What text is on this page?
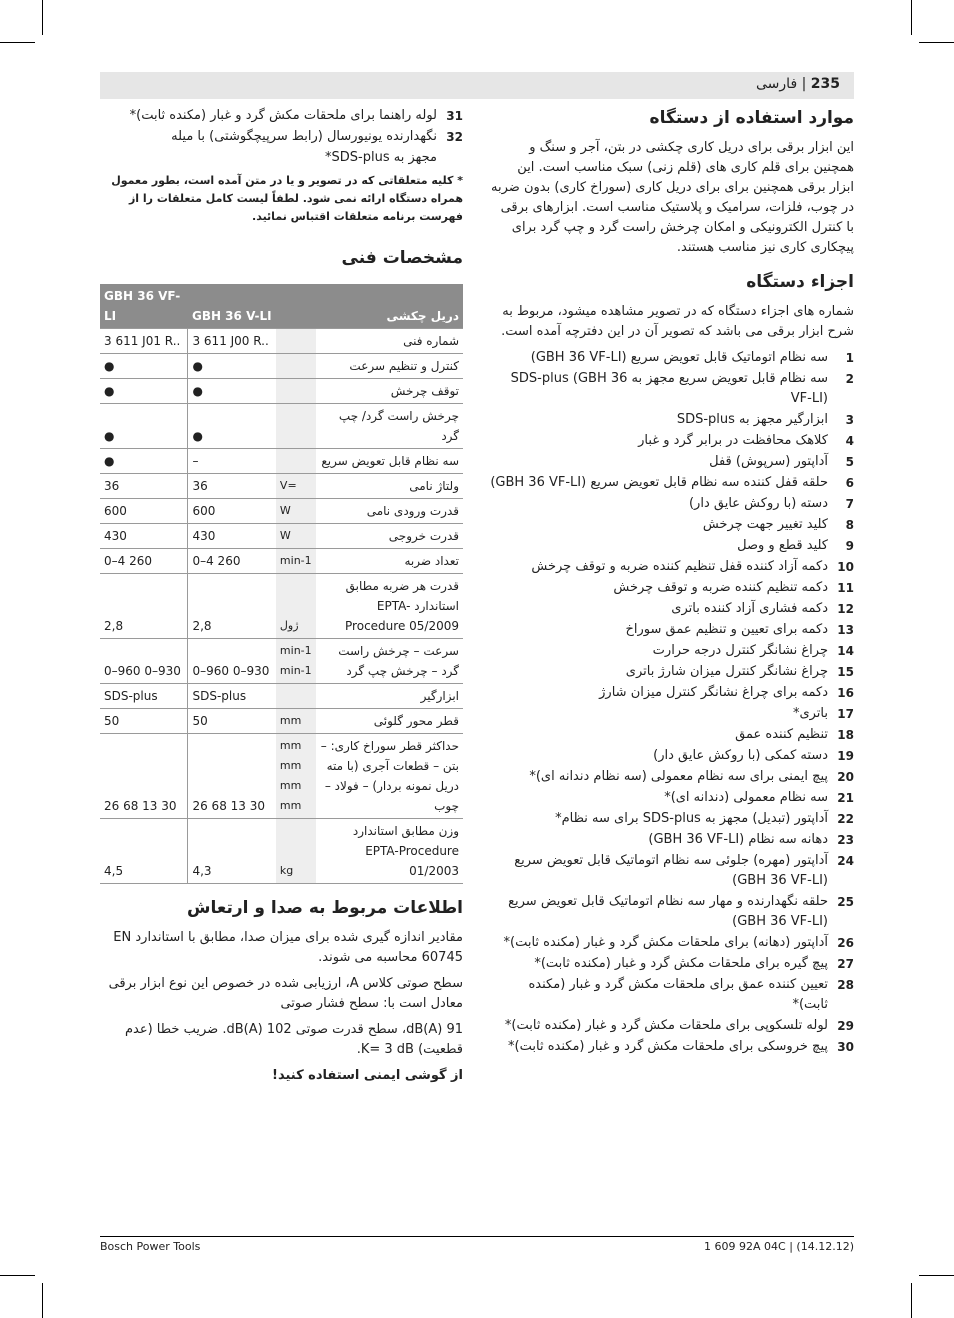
235 | فارسی
موارد استفاده از دستگاه

این ابزار برقی برای دریل کاری چکشی در بتن، آجر و سنگ و همچنین برای قلم کاری های (قلم زنی) سبک مناسب است. این ابزار برقی همچنین برای برای دریل کاری (سوراخ کاری) بدون ضربه در چوب، فلزات، سرامیک و پلاستیک مناسب است. ابزارهای برقی با کنترل الکترونیکی و امکان چرخش راست گرد و چپ گرد برای پیچکاری کاری نیز مناسب هستند.

اجزاء دستگاه

شماره های اجزاء دستگاه که در تصویر مشاهده میشود، مربوط به شرح ابزار برقی می باشد که تصویر آن در این دفترچه آمده است.

1
سه نظام اتوماتیک قابل تعویض سریع (GBH 36 VF-LI)
2
سه نظام قابل تعویض سریع مجهز به SDS-plus (GBH 36 VF-LI)
3
ابزارگیر مجهز به SDS-plus
4
کلاهک محافظت در برابر گرد و غبار
5
آداپتور (سرپوش) قفل
6
حلقه قفل کننده سه نظام قابل تعویض سریع (GBH 36 VF-LI)
7
دسته (با روکش عایق دار)
8
کلید تغییر جهت چرخش
9
کلید قطع و وصل
10
دکمه آزاد کننده قفل تنظیم کننده ضربه و توقف چرخش
11
دکمه تنظیم کننده ضربه و توقف چرخش
12
دکمه فشاری آزاد کننده باتری
13
دکمه برای تعیین و تنظیم عمق سوراخ
14
چراغ نشانگر کنترل درجه حرارت
15
چراغ نشانگر کنترل میزان شارژ باتری
16
دکمه برای چراغ نشانگر کنترل میزان شارژ
17
باتری*
18
تنظیم کننده عمق
19
دسته کمکی (با روکش عایق دار)
20
پیچ ایمنی برای سه نظام معمولی (سه نظام دندانه ای)*
21
سه نظام معمولی (دندانه ای)*
22
آداپتور (تبدیل) مجهز به SDS-plus برای سه نظام*
23
دهانه سه نظام (GBH 36 VF-LI)
24
آداپتور (مهره) جلوئی سه نظام اتوماتیک قابل تعویض سریع (GBH 36 VF-LI)
25
حلقه نگهدارنده و مهار سه نظام اتوماتیک قابل تعویض سریع (GBH 36 VF-LI)
26
آداپتور (دهانه) برای ملحقات مکش گرد و غبار (مکنده ثابت)*
27
پیچ گیره برای ملحقات مکش گرد و غبار (مکنده ثابت)*
28
تعیین کننده عمق برای ملحقات مکش گرد و غبار (مکنده ثابت)*
29
لوله تلسکوپی برای ملحقات مکش گرد و غبار (مکنده ثابت)*
30
پیچ خروسکی برای ملحقات مکش گرد و غبار (مکنده ثابت)*
31
لوله راهنما برای ملحقات مکش گرد و غبار (مکنده ثابت)*
32
نگهدارنده یونیورسال (رابط سرپیچگوشتی) با میله
مجهز به SDS-plus*

* کلیه متعلقاتی که در تصویر و یا در متن آمده است، بطور معمول همراه دستگاه ارائه نمی شود. لطفاً لیست کامل متعلقات را از فهرست برنامه متعلقات اقتباس نمائید.

مشخصات فنی
دریل چکشی		GBH 36 V-LI	GBH 36 VF-LI
شماره فنی		3 611 J00 R..	3 611 J01 R..
کنترل و تنظیم سرعت		●	●
توقف چرخش		●	●
چرخش راست گرد/ چپ گرد		●	●
سه نظام قابل تعویض سریع		–	●
ولتاژ نامی	V=	36	36
قدرت ورودی نامی	W	600	600
قدرت خروجی	W	430	430
تعداد ضربه	min-1	0–4 260	0–4 260
قدرت هر ضربه مطابق استاندارد EPTA-Procedure 05/2009	ژول	2,8	2,8
سرعت – چرخش راست گرد – چرخش چپ گرد	min-1 min-1	0–960 0–930	0–960 0–930
ابزارگیر		SDS-plus	SDS-plus
قطر محور گلوئی	mm	50	50
حداکثر قطر سوراخ کاری: – بتن – قطعات آجری (با مته دریل نمونه بردار) – فولاد – چوب	mm mm mm mm	26 68 13 30	26 68 13 30
وزن مطابق استاندارد EPTA-Procedure 01/2003	kg	4,3	4,5
اطلاعات مربوط به صدا و ارتعاش

مقادیر اندازه گیری شده برای میزان صدا، مطابق با استاندارد EN 60745 محاسبه می شوند.

سطح صوتی کلاس A، ارزیابی شده در خصوص این نوع ابزار برقی معادل است با: سطح فشار صوتی

91 dB(A)، سطح قدرت صوتی 102 dB(A). ضریب خطا (عدم قطعیت) K= 3 dB.

از گوشی ایمنی استفاده کنید!

Bosch Power Tools	1 609 92A 04C | (14.12.12)
